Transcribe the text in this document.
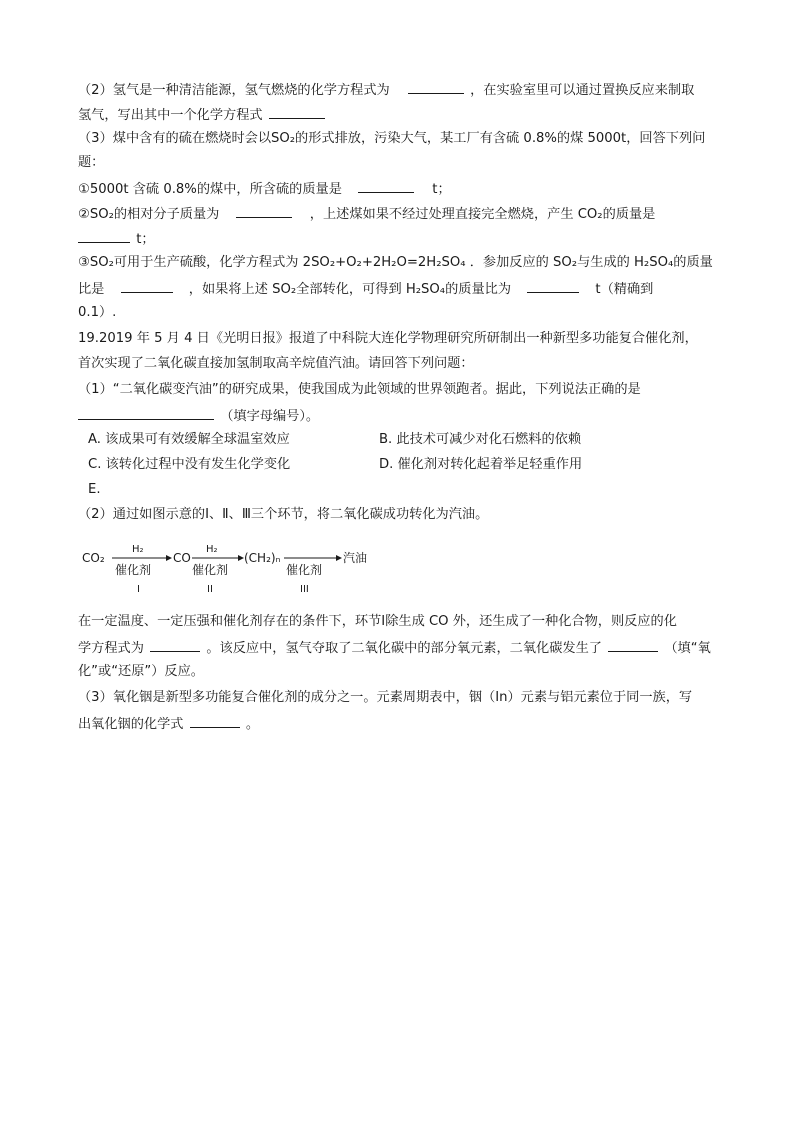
（2）氢气是一种清洁能源，氢气燃烧的化学方程式为	，在实验室里可以通过置换反应来制取
氢气，写出其中一个化学方程式
（3）煤中含有的硫在燃烧时会以SO₂的形式排放，污染大气，某工厂有含硫 0.8%的煤 5000t，回答下列问
题：
①5000t 含硫 0.8%的煤中，所含硫的质量是	t；
②SO₂的相对分子质量为	，上述煤如果不经过处理直接完全燃烧，产生 CO₂的质量是
t；
③SO₂可用于生产硫酸，化学方程式为 2SO₂+O₂+2H₂O=2H₂SO₄ ．参加反应的 SO₂与生成的 H₂SO₄的质量
比是	，如果将上述 SO₂全部转化，可得到 H₂SO₄的质量比为	t（精确到
0.1）.
19.2019 年 5 月 4 日《光明日报》报道了中科院大连化学物理研究所研制出一种新型多功能复合催化剂，
首次实现了二氧化碳直接加氢制取高辛烷值汽油。请回答下列问题：
（1）“二氧化碳变汽油”的研究成果，使我国成为此领域的世界领跑者。据此，下列说法正确的是
（填字母编号）。
A. 该成果可有效缓解全球温室效应	B. 此技术可减少对化石燃料的依赖
C. 该转化过程中没有发生化学变化	D. 催化剂对转化起着举足轻重作用
E.
（2）通过如图示意的Ⅰ、Ⅱ、Ⅲ三个环节，将二氧化碳成功转化为汽油。
CO₂
H₂
催化剂
I
CO
H₂
催化剂
II
(CH₂)ₙ
催化剂
III
汽油
在一定温度、一定压强和催化剂存在的条件下，环节Ⅰ除生成 CO 外，还生成了一种化合物，则反应的化
学方程式为	。该反应中，氢气夺取了二氧化碳中的部分氧元素，二氧化碳发生了	（填“氧
化”或“还原”）反应。
（3）氧化铟是新型多功能复合催化剂的成分之一。元素周期表中，铟（In）元素与铝元素位于同一族，写
出氧化铟的化学式	。
